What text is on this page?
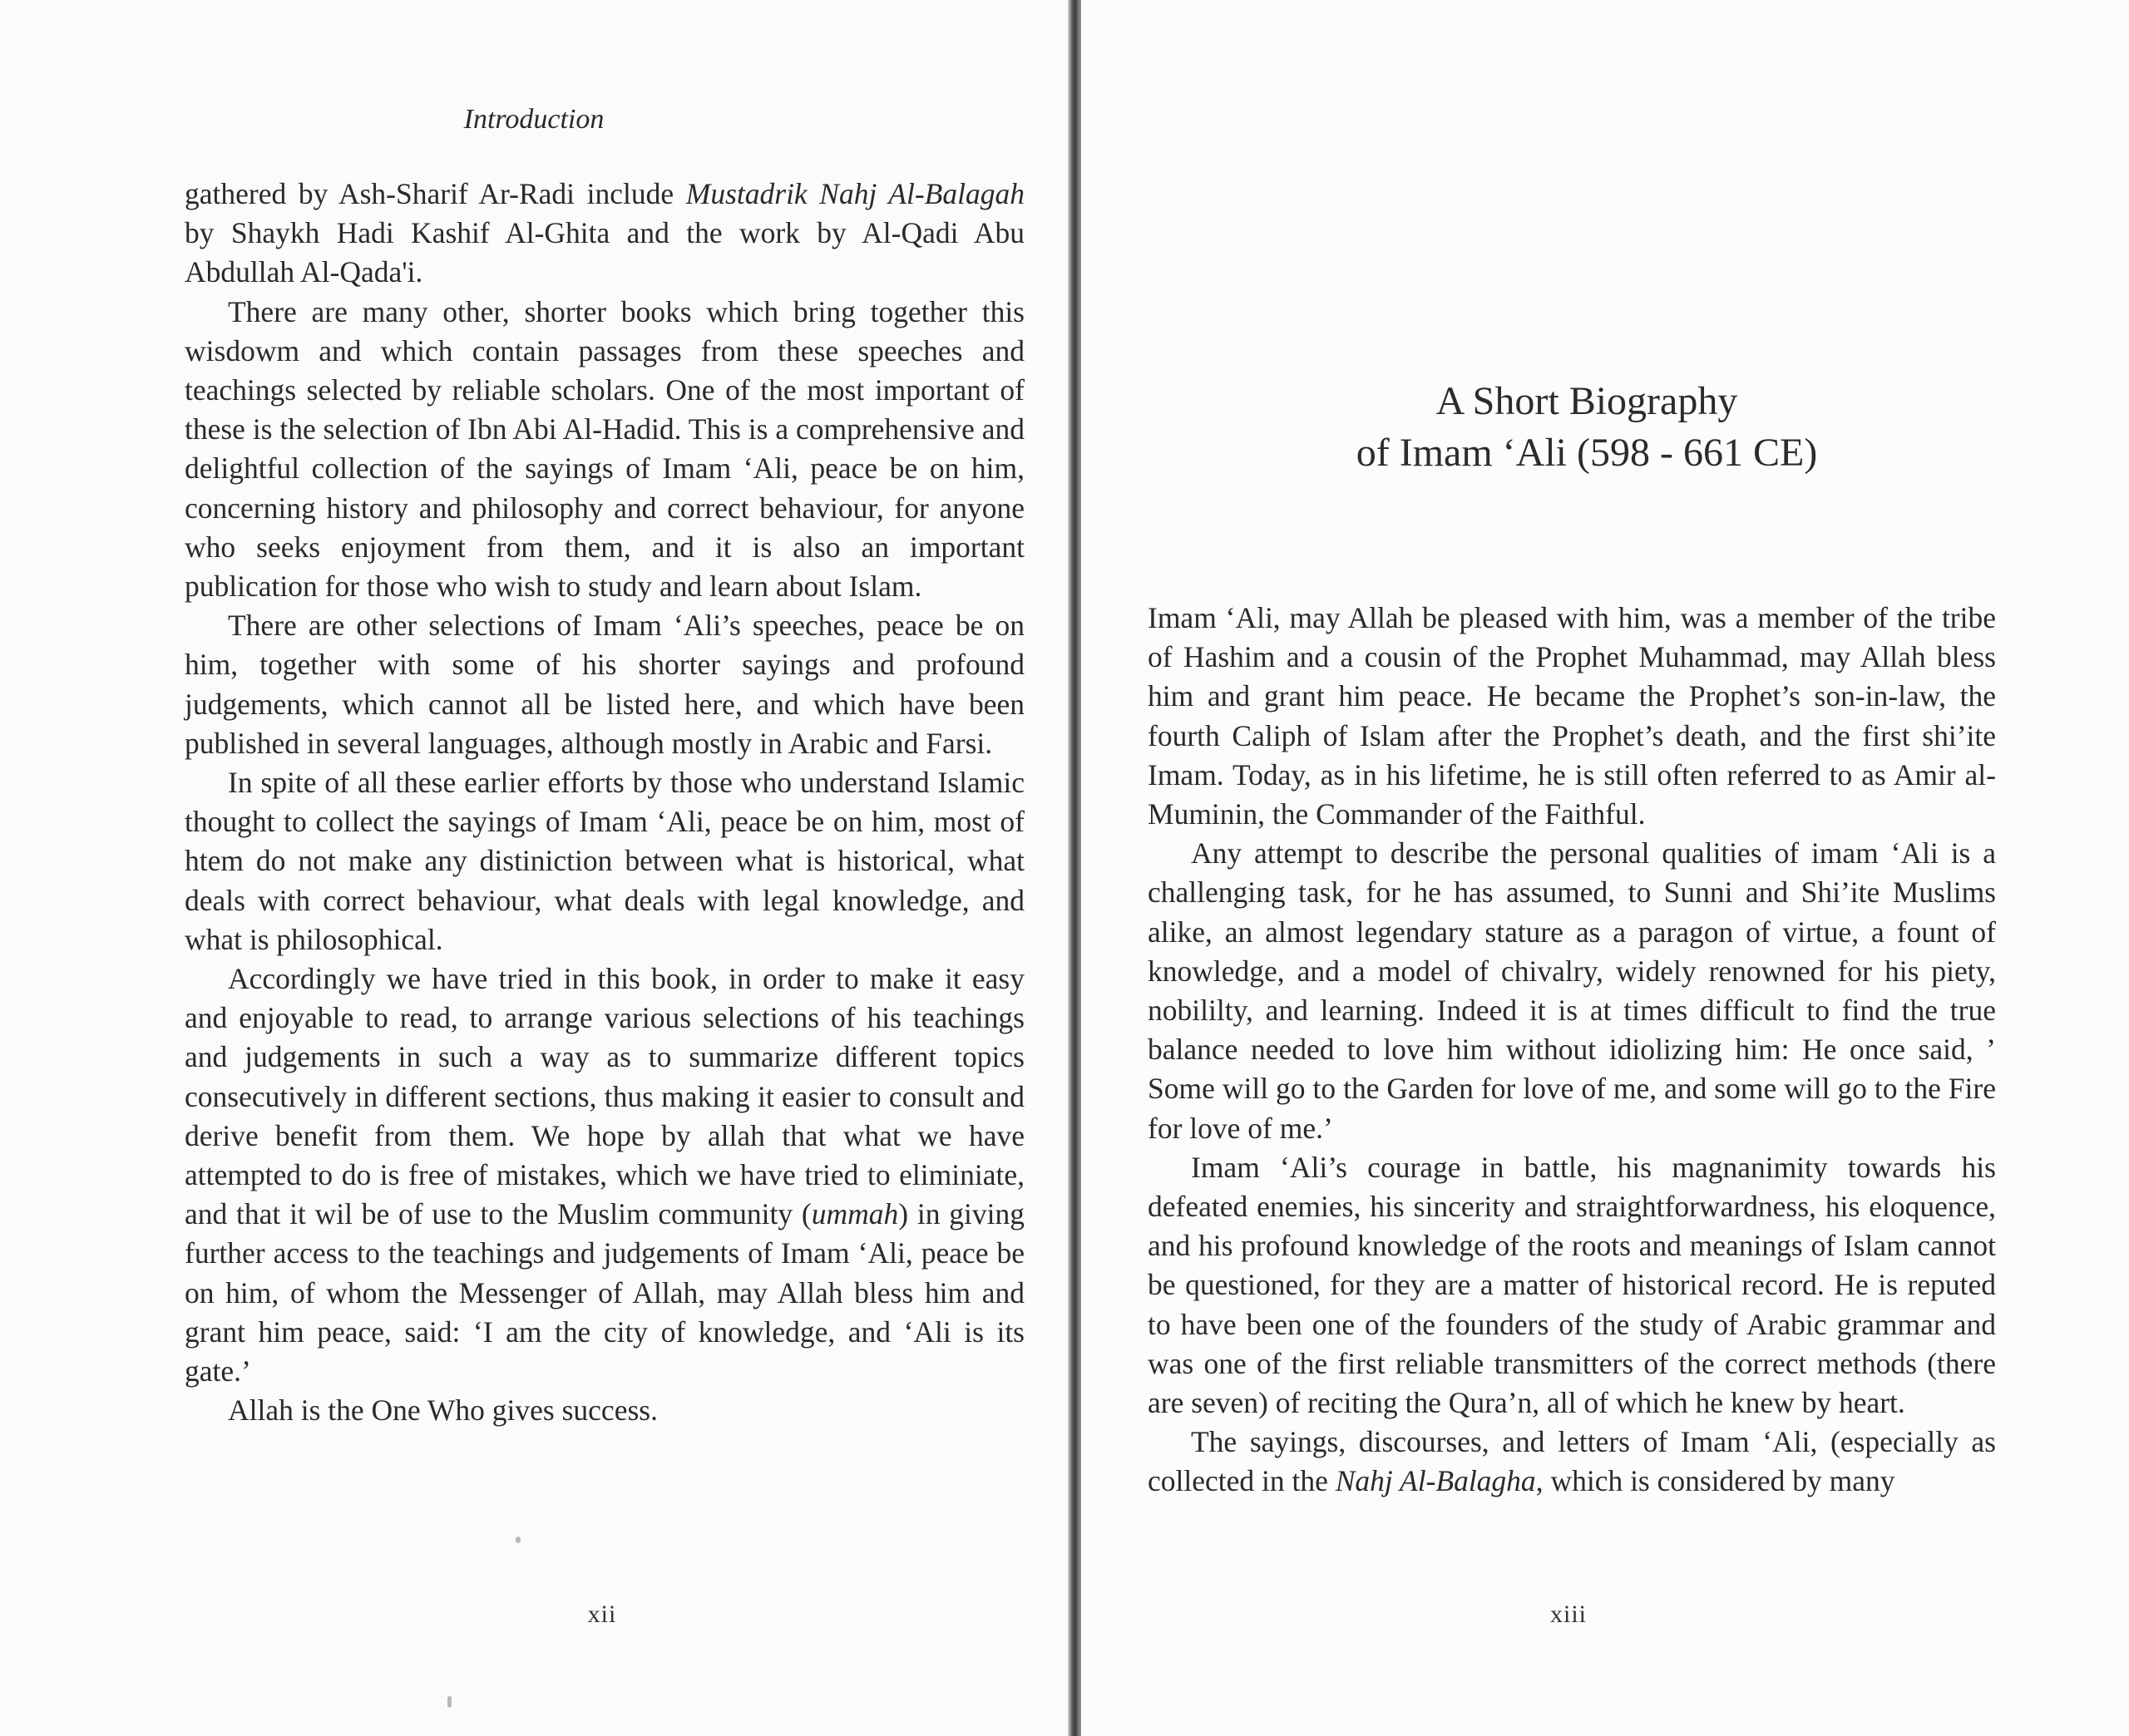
Introduction

gathered by Ash-Sharif Ar-Radi include Mustadrik Nahj Al-Balagah by Shaykh Hadi Kashif Al-Ghita and the work by Al-Qadi Abu Abdullah Al-Qada'i.

There are many other, shorter books which bring together this wisdowm and which contain passages from these speeches and teachings selected by reliable scholars. One of the most important of these is the selection of Ibn Abi Al-Hadid. This is a comprehensive and delightful collection of the sayings of Imam ‘Ali, peace be on him, concerning history and philosophy and correct behaviour, for anyone who seeks enjoyment from them, and it is also an important publication for those who wish to study and learn about Islam.

There are other selections of Imam ‘Ali’s speeches, peace be on him, together with some of his shorter sayings and profound judgements, which cannot all be listed here, and which have been published in several languages, although mostly in Arabic and Farsi.

In spite of all these earlier efforts by those who understand Islamic thought to collect the sayings of Imam ‘Ali, peace be on him, most of htem do not make any distiniction between what is historical, what deals with correct behaviour, what deals with legal knowledge, and what is philosophical.

Accordingly we have tried in this book, in order to make it easy and enjoyable to read, to arrange various selections of his teachings and judgements in such a way as to summarize different topics consecutively in different sections, thus making it easier to consult and derive benefit from them. We hope by allah that what we have attempted to do is free of mistakes, which we have tried to eliminiate, and that it wil be of use to the Muslim community (ummah) in giving further access to the teachings and judgements of Imam ‘Ali, peace be on him, of whom the Messenger of Allah, may Allah bless him and grant him peace, said: ‘I am the city of knowledge, and ‘Ali is its gate.’

Allah is the One Who gives success.

xii
A Short Biography
of Imam ‘Ali (598 - 661 CE)

Imam ‘Ali, may Allah be pleased with him, was a member of the tribe of Hashim and a cousin of the Prophet Muhammad, may Allah bless him and grant him peace. He became the Prophet’s son-in-law, the fourth Caliph of Islam after the Prophet’s death, and the first shi’ite Imam. Today, as in his lifetime, he is still often referred to as Amir al-Muminin, the Commander of the Faithful.

Any attempt to describe the personal qualities of imam ‘Ali is a challenging task, for he has assumed, to Sunni and Shi’ite Muslims alike, an almost legendary stature as a paragon of virtue, a fount of knowledge, and a model of chivalry, widely renowned for his piety, nobililty, and learning. Indeed it is at times difficult to find the true balance needed to love him without idiolizing him: He once said, ’ Some will go to the Garden for love of me, and some will go to the Fire for love of me.’

Imam ‘Ali’s courage in battle, his magnanimity towards his defeated enemies, his sincerity and straightforwardness, his eloquence, and his profound knowledge of the roots and meanings of Islam cannot be questioned, for they are a matter of historical record. He is reputed to have been one of the founders of the study of Arabic grammar and was one of the first reliable transmitters of the correct methods (there are seven) of reciting the Qura’n, all of which he knew by heart.

The sayings, discourses, and letters of Imam ‘Ali, (especially as collected in the Nahj Al-Balagha, which is considered by many

xiii
